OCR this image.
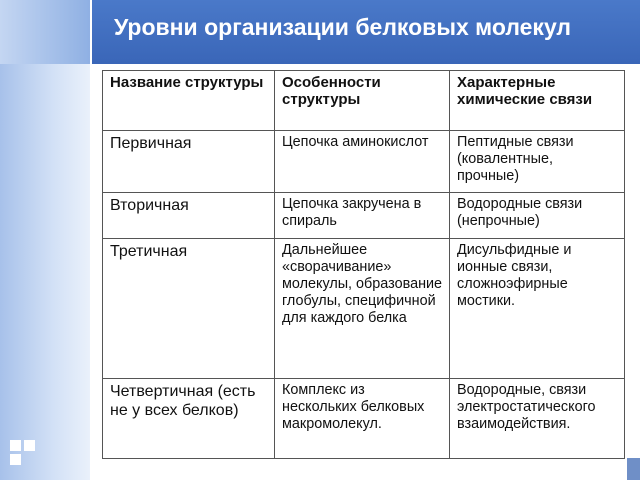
Уровни организации белковых молекул
Название структуры	Особенности структуры	Характерные химические связи
Первичная	Цепочка аминокислот	Пептидные связи (ковалентные, прочные)
Вторичная	Цепочка закручена в спираль	Водородные связи (непрочные)
Третичная	Дальнейшее «сворачивание» молекулы, образование глобулы, специфичной для каждого белка	Дисульфидные и ионные связи, сложноэфирные мостики.
Четвертичная (есть не у всех белков)	Комплекс из нескольких белковых макромолекул.	Водородные, связи электростатического взаимодействия.
